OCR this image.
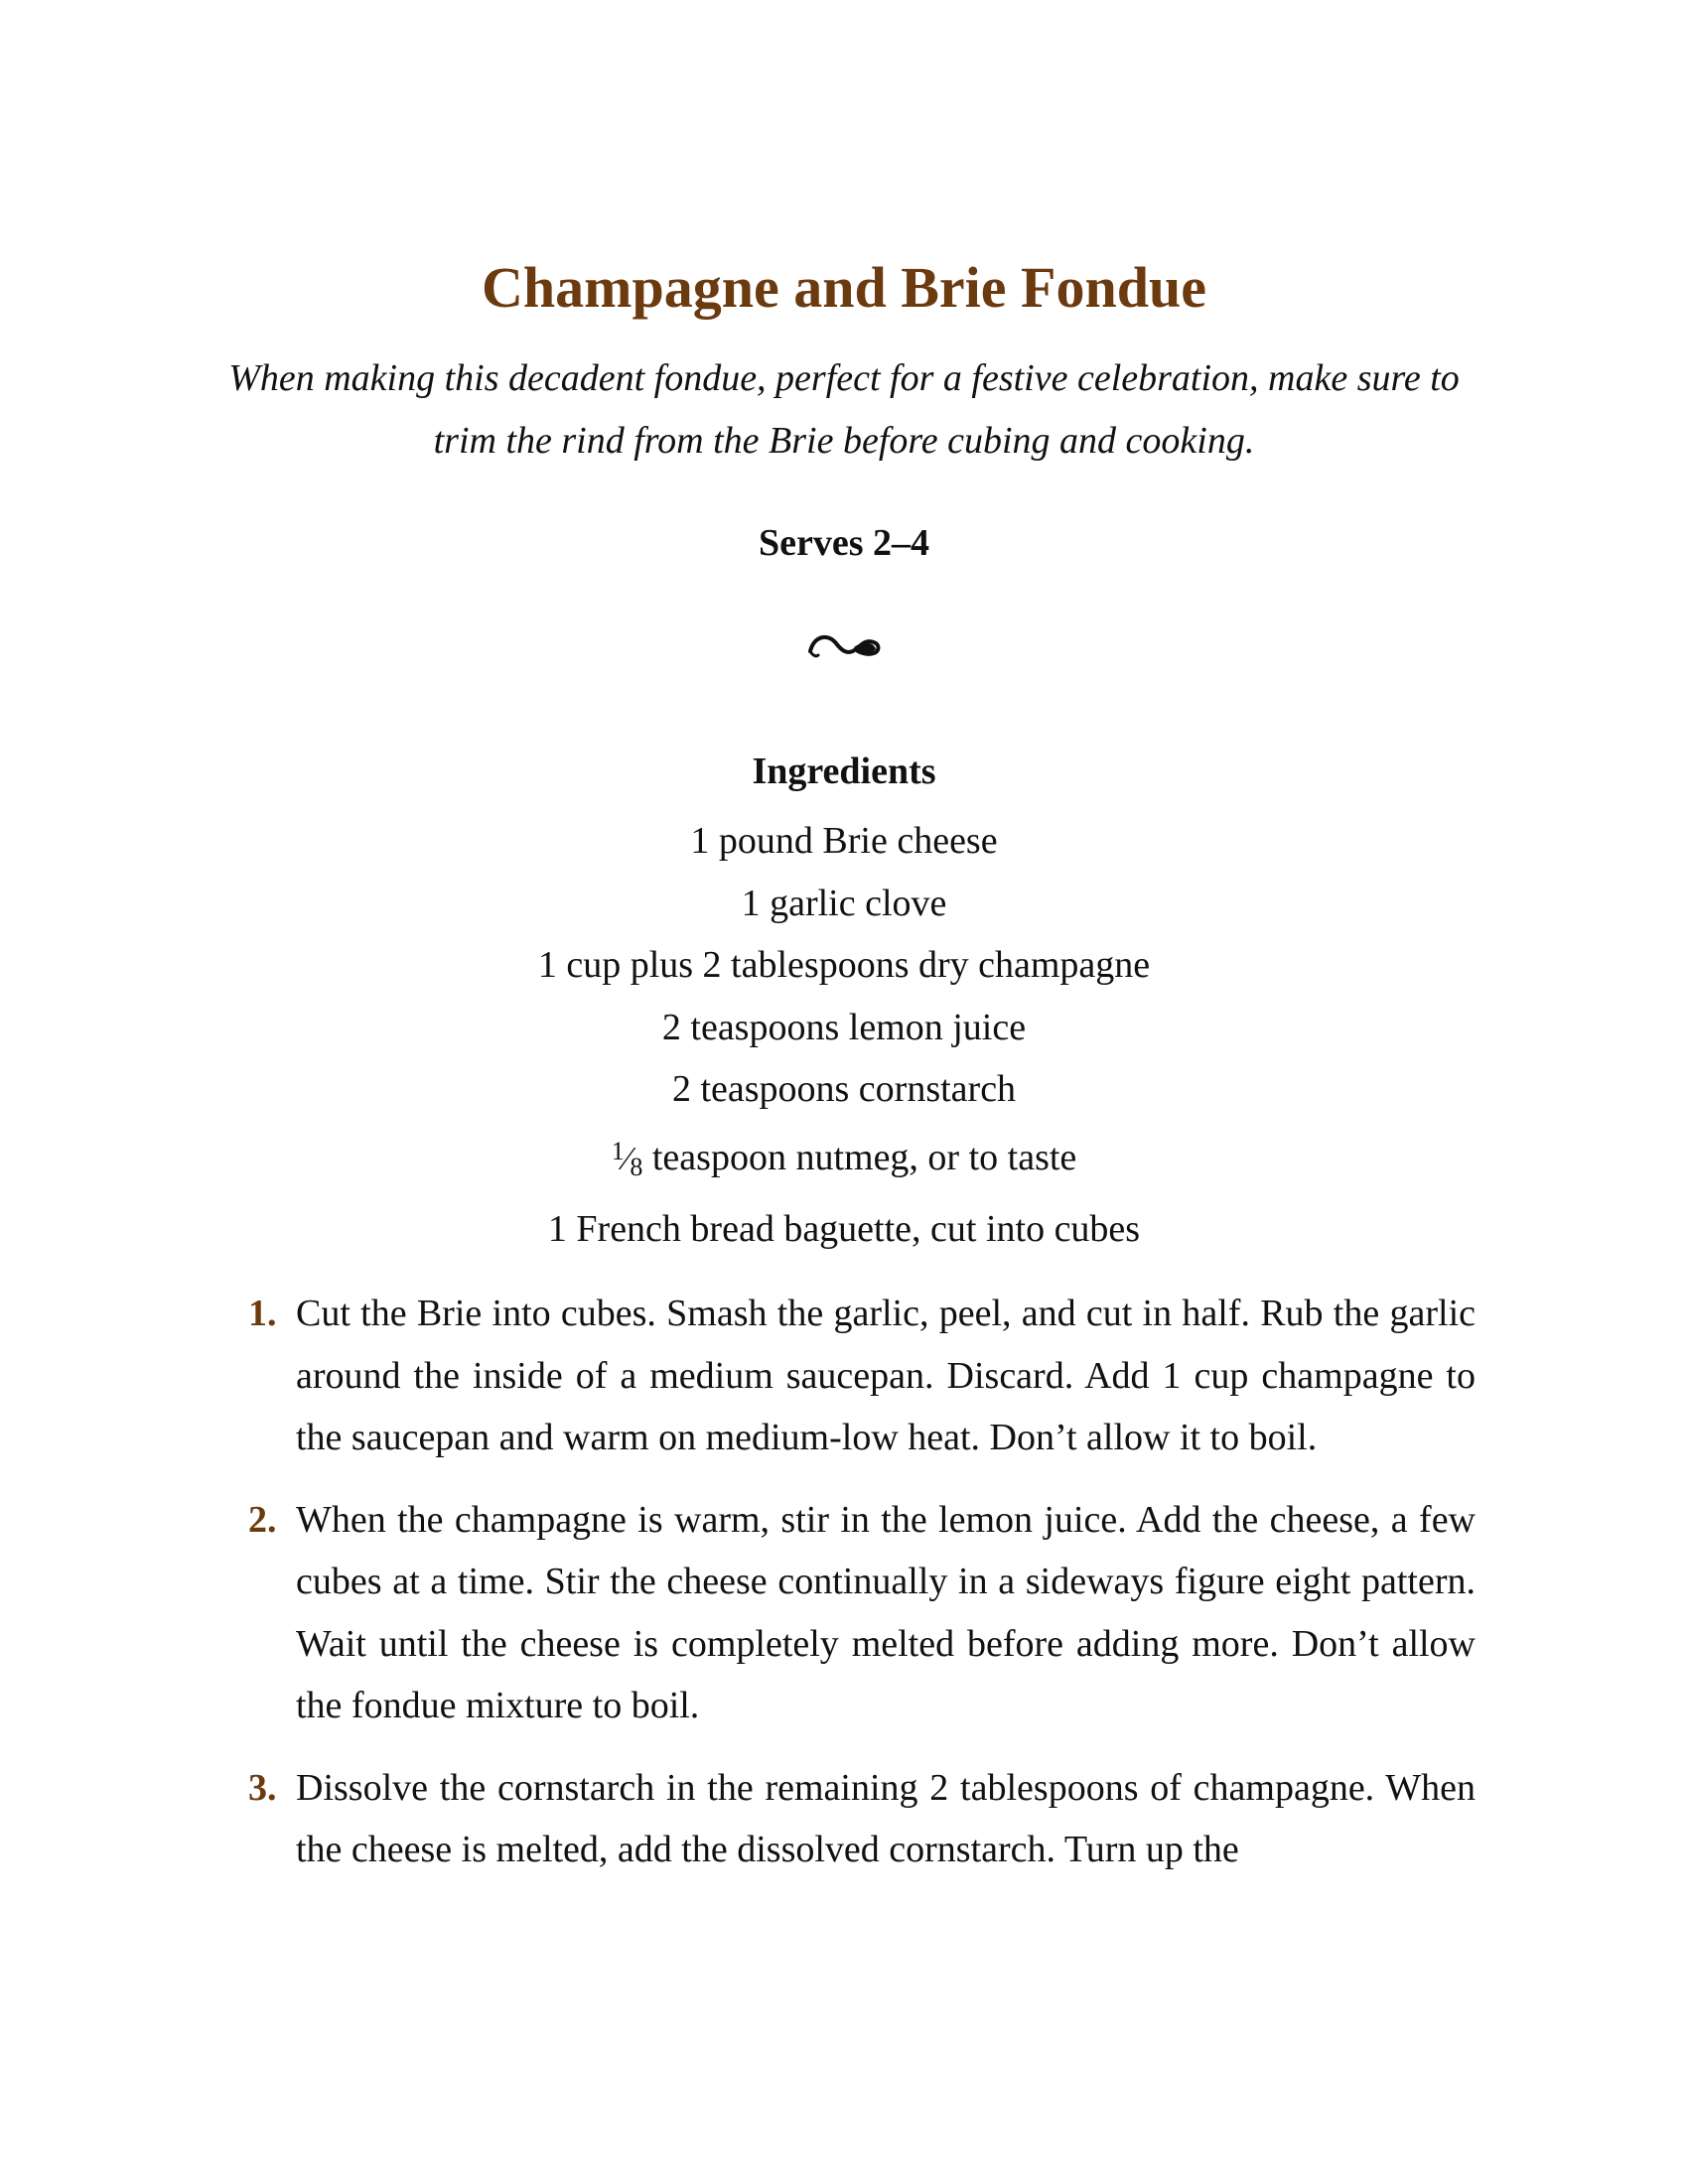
Champagne and Brie Fondue

When making this decadent fondue, perfect for a festive celebration, make sure to trim the rind from the Brie before cubing and cooking.

Serves 2–4

Ingredients
1 pound Brie cheese
1 garlic clove
1 cup plus 2 tablespoons dry champagne
2 teaspoons lemon juice
2 teaspoons cornstarch
$^1⁄_8$ teaspoon nutmeg, or to taste
1 French bread baguette, cut into cubes
1. Cut the Brie into cubes. Smash the garlic, peel, and cut in half. Rub the garlic around the inside of a medium saucepan. Discard. Add 1 cup champagne to the saucepan and warm on medium-low heat. Don’t allow it to boil.
2. When the champagne is warm, stir in the lemon juice. Add the cheese, a few cubes at a time. Stir the cheese continually in a sideways figure eight pattern. Wait until the cheese is completely melted before adding more. Don’t allow the fondue mixture to boil.
3. Dissolve the cornstarch in the remaining 2 tablespoons of champagne. When the cheese is melted, add the dissolved cornstarch. Turn up the
